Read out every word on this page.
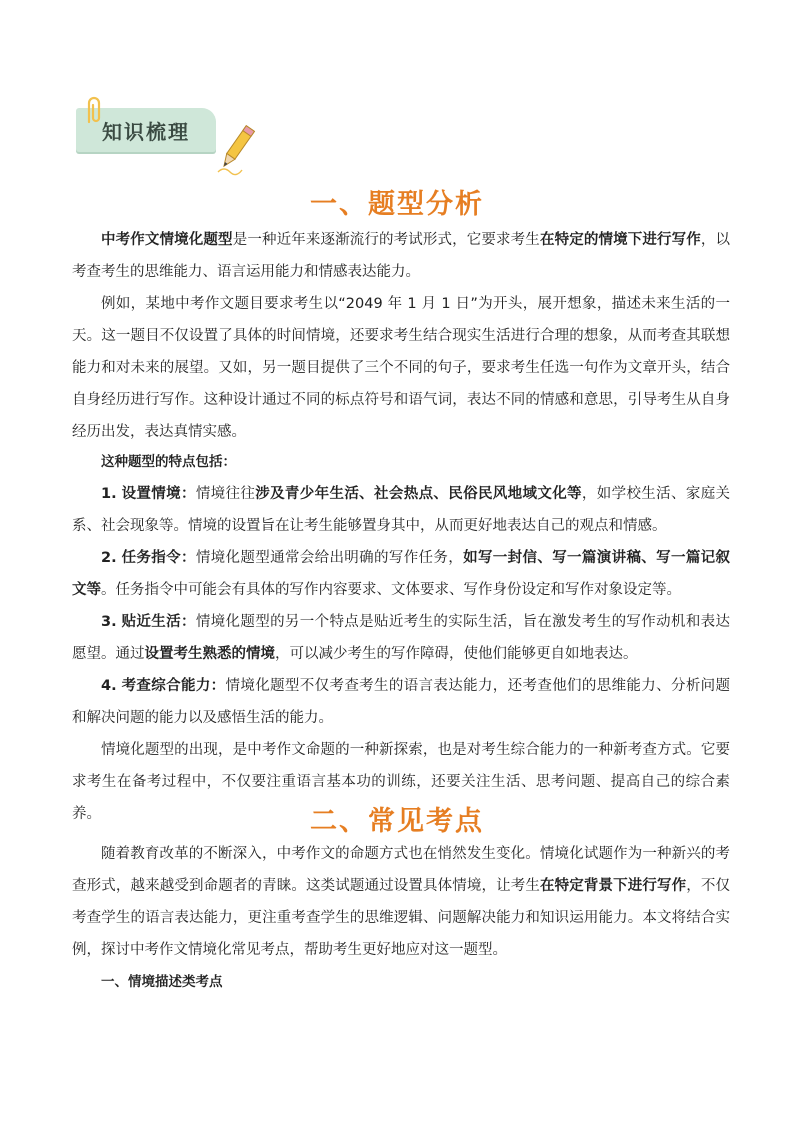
知识梳理
一、题型分析

中考作文情境化题型是一种近年来逐渐流行的考试形式，它要求考生在特定的情境下进行写作，以考查考生的思维能力、语言运用能力和情感表达能力。

例如，某地中考作文题目要求考生以“2049 年 1 月 1 日”为开头，展开想象，描述未来生活的一天。这一题目不仅设置了具体的时间情境，还要求考生结合现实生活进行合理的想象，从而考查其联想能力和对未来的展望。又如，另一题目提供了三个不同的句子，要求考生任选一句作为文章开头，结合自身经历进行写作。这种设计通过不同的标点符号和语气词，表达不同的情感和意思，引导考生从自身经历出发，表达真情实感。

这种题型的特点包括：

1. 设置情境：情境往往涉及青少年生活、社会热点、民俗民风地域文化等，如学校生活、家庭关系、社会现象等。情境的设置旨在让考生能够置身其中，从而更好地表达自己的观点和情感。

2. 任务指令：情境化题型通常会给出明确的写作任务，如写一封信、写一篇演讲稿、写一篇记叙文等。任务指令中可能会有具体的写作内容要求、文体要求、写作身份设定和写作对象设定等。

3. 贴近生活：情境化题型的另一个特点是贴近考生的实际生活，旨在激发考生的写作动机和表达愿望。通过设置考生熟悉的情境，可以减少考生的写作障碍，使他们能够更自如地表达。

4. 考查综合能力：情境化题型不仅考查考生的语言表达能力，还考查他们的思维能力、分析问题和解决问题的能力以及感悟生活的能力。

情境化题型的出现，是中考作文命题的一种新探索，也是对考生综合能力的一种新考查方式。它要求考生在备考过程中，不仅要注重语言基本功的训练，还要关注生活、思考问题、提高自己的综合素养。	二、常见考点

随着教育改革的不断深入，中考作文的命题方式也在悄然发生变化。情境化试题作为一种新兴的考查形式，越来越受到命题者的青睐。这类试题通过设置具体情境，让考生在特定背景下进行写作，不仅考查学生的语言表达能力，更注重考查学生的思维逻辑、问题解决能力和知识运用能力。本文将结合实例，探讨中考作文情境化常见考点，帮助考生更好地应对这一题型。

一、情境描述类考点
